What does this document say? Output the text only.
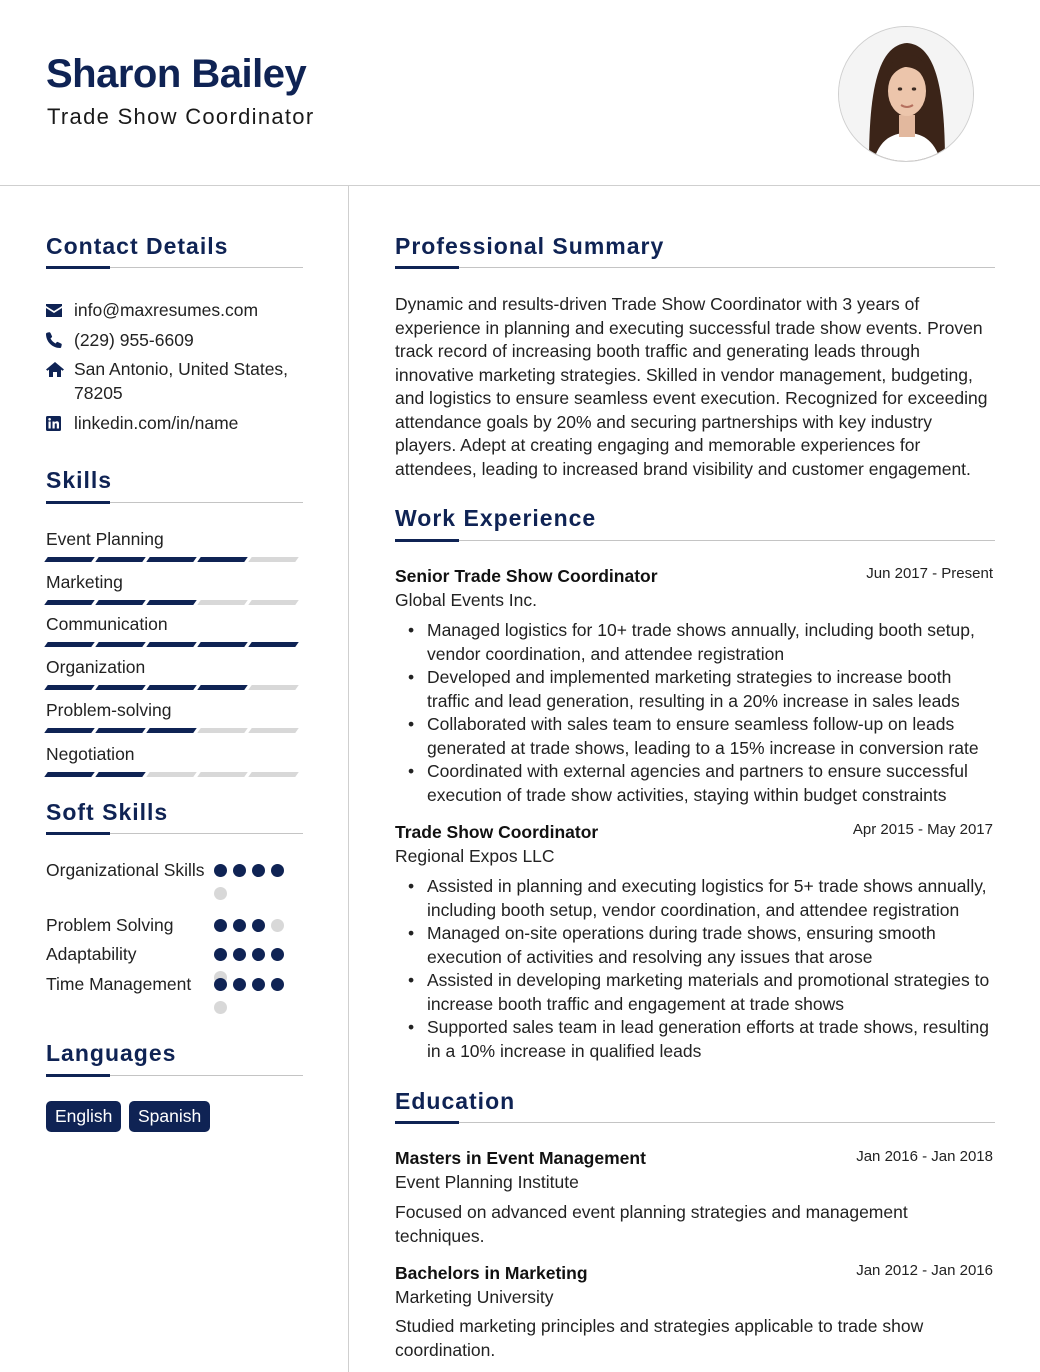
Sharon Bailey
Trade Show Coordinator
Contact Details
info@maxresumes.com
(229) 955-6609
San Antonio, United States,
78205
linkedin.com/in/name
Skills
Event Planning
Marketing
Communication
Organization
Problem-solving
Negotiation
Soft Skills
Organizational Skills
Problem Solving
Adaptability
Time Management
Languages
English	Spanish
Professional Summary
Dynamic and results-driven Trade Show Coordinator with 3 years of experience in planning and executing successful trade show events. Proven track record of increasing booth traffic and generating leads through innovative marketing strategies. Skilled in vendor management, budgeting, and logistics to ensure seamless event execution. Recognized for exceeding attendance goals by 20% and securing partnerships with key industry players. Adept at creating engaging and memorable experiences for attendees, leading to increased brand visibility and customer engagement.
Work Experience
Senior Trade Show Coordinator	Jun 2017 - Present
Global Events Inc.
• Managed logistics for 10+ trade shows annually, including booth setup, vendor coordination, and attendee registration
• Developed and implemented marketing strategies to increase booth traffic and lead generation, resulting in a 20% increase in sales leads
• Collaborated with sales team to ensure seamless follow-up on leads generated at trade shows, leading to a 15% increase in conversion rate
• Coordinated with external agencies and partners to ensure successful execution of trade show activities, staying within budget constraints
Trade Show Coordinator	Apr 2015 - May 2017
Regional Expos LLC
• Assisted in planning and executing logistics for 5+ trade shows annually, including booth setup, vendor coordination, and attendee registration
• Managed on-site operations during trade shows, ensuring smooth execution of activities and resolving any issues that arose
• Assisted in developing marketing materials and promotional strategies to increase booth traffic and engagement at trade shows
• Supported sales team in lead generation efforts at trade shows, resulting in a 10% increase in qualified leads
Education
Masters in Event Management	Jan 2016 - Jan 2018
Event Planning Institute
Focused on advanced event planning strategies and management techniques.
Bachelors in Marketing	Jan 2012 - Jan 2016
Marketing University
Studied marketing principles and strategies applicable to trade show coordination.
